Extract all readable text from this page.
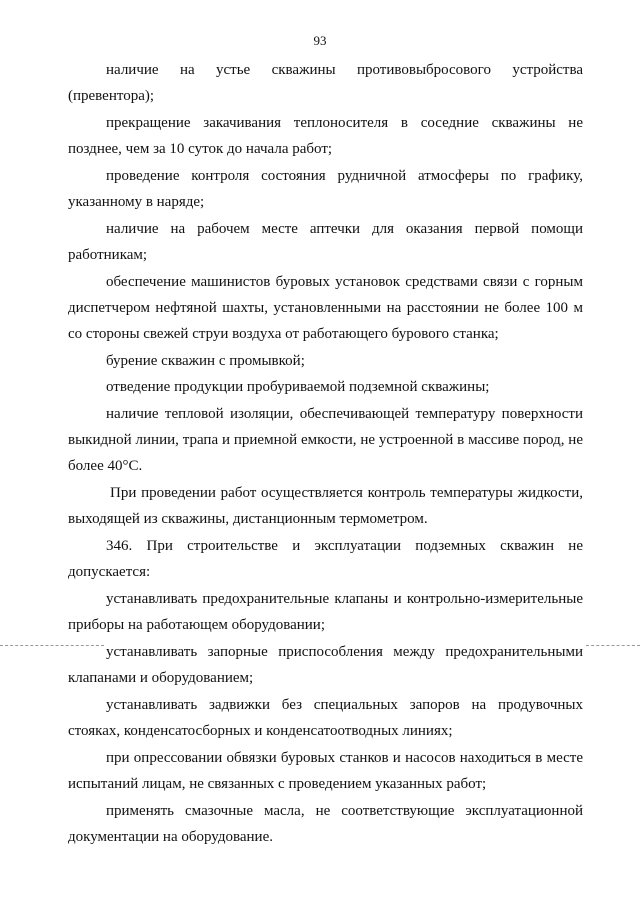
93
наличие на устье скважины противовыбросового устройства
(превентора);
прекращение закачивания теплоносителя в соседние скважины не
позднее, чем за 10 суток до начала работ;
проведение контроля состояния рудничной атмосферы по графику,
указанному в наряде;
наличие на рабочем месте аптечки для оказания первой помощи
работникам;
обеспечение машинистов буровых установок средствами связи с горным
диспетчером нефтяной шахты, установленными на расстоянии не более 100 м
со стороны свежей струи воздуха от работающего бурового станка;
бурение скважин с промывкой;
отведение продукции пробуриваемой подземной скважины;
наличие тепловой изоляции, обеспечивающей температуру поверхности
выкидной линии, трапа и приемной емкости, не устроенной в массиве пород, не
более 40°С.
При проведении работ осуществляется контроль температуры жидкости,
выходящей из скважины, дистанционным термометром.
346. При строительстве и эксплуатации подземных скважин не
допускается:
устанавливать предохранительные клапаны и контрольно-измерительные
приборы на работающем оборудовании;
устанавливать запорные приспособления между предохранительными
клапанами и оборудованием;
устанавливать задвижки без специальных запоров на продувочных
стояках, конденсатосборных и конденсатоотводных линиях;
при опрессовании обвязки буровых станков и насосов находиться в месте
испытаний лицам, не связанных с проведением указанных работ;
применять смазочные масла, не соответствующие эксплуатационной
документации на оборудование.
